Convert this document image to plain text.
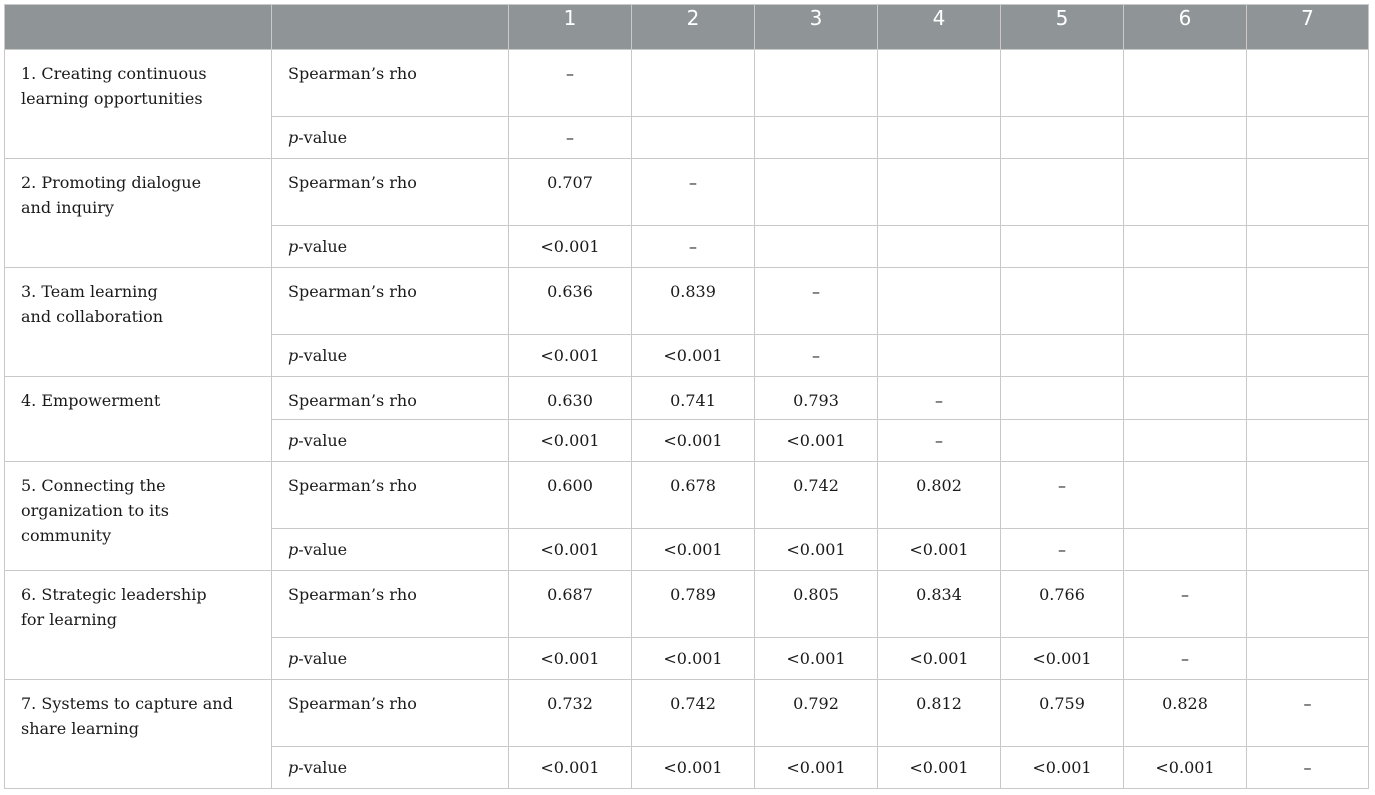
		1	2	3	4	5	6	7

1. Creating continuous
learning opportunities	Spearman’s rho	–						
	p-value	–						

2. Promoting dialogue
and inquiry	Spearman’s rho	0.707	–					
	p-value	<0.001	–					

3. Team learning
and collaboration	Spearman’s rho	0.636	0.839	–				
	p-value	<0.001	<0.001	–				

4. Empowerment	Spearman’s rho	0.630	0.741	0.793	–			
	p-value	<0.001	<0.001	<0.001	–			

5. Connecting the
organization to its community	Spearman’s rho	0.600	0.678	0.742	0.802	–		
	p-value	<0.001	<0.001	<0.001	<0.001	–		

6. Strategic leadership
for learning	Spearman’s rho	0.687	0.789	0.805	0.834	0.766	–	
	p-value	<0.001	<0.001	<0.001	<0.001	<0.001	–	

7. Systems to capture and
share learning	Spearman’s rho	0.732	0.742	0.792	0.812	0.759	0.828	–
	p-value	<0.001	<0.001	<0.001	<0.001	<0.001	<0.001	–
